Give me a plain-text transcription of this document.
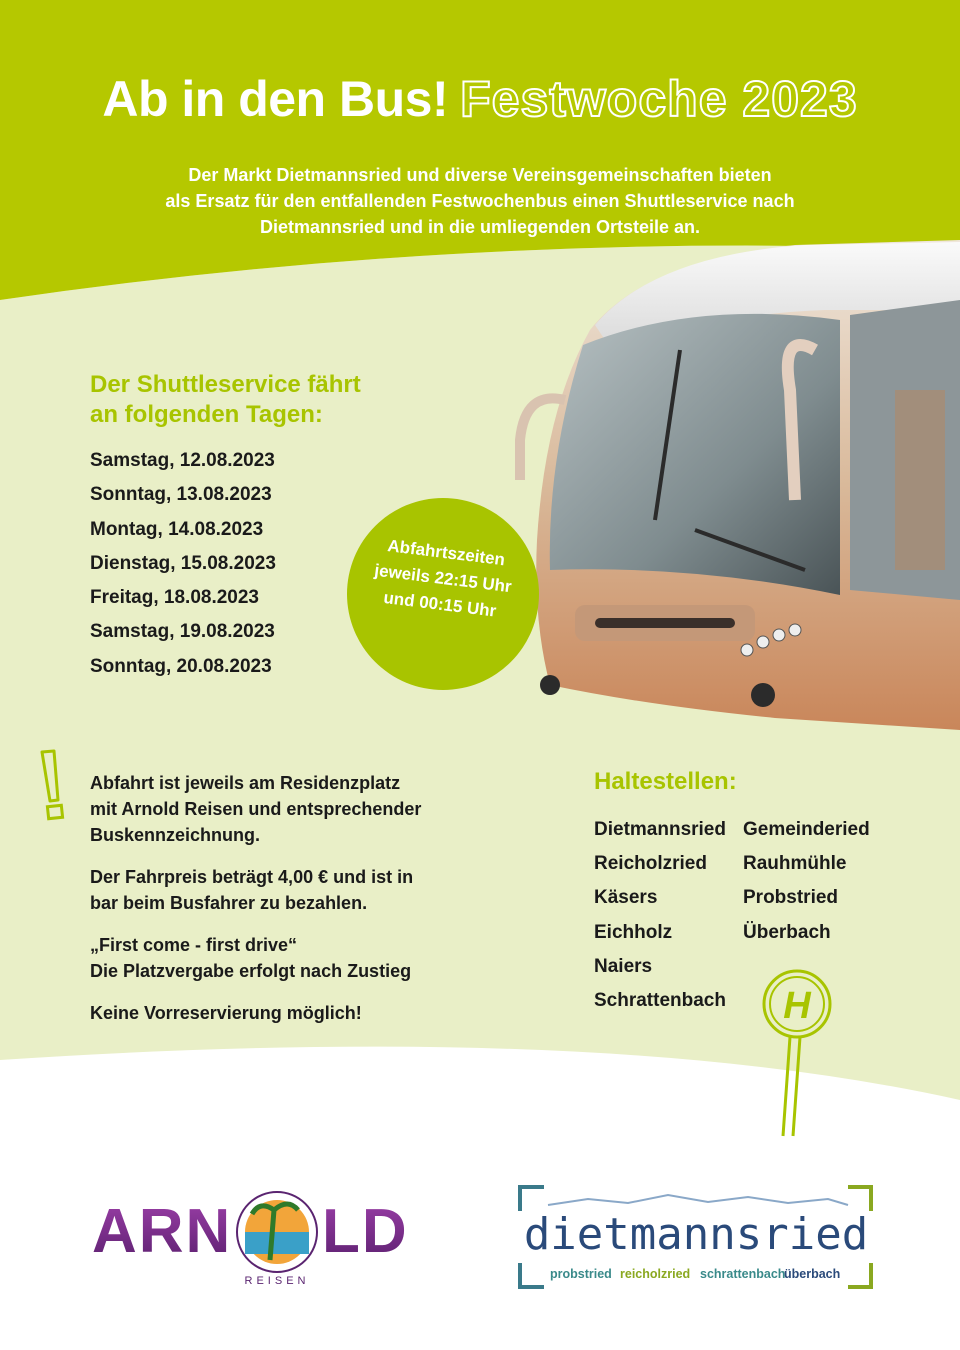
Ab in den Bus! Festwoche 2023
Der Markt Dietmannsried und diverse Vereinsgemeinschaften bieten
als Ersatz für den entfallenden Festwochenbus einen Shuttleservice nach
Dietmannsried und in die umliegenden Ortsteile an.
Der Shuttleservice fährt
an folgenden Tagen:
Samstag, 12.08.2023
Sonntag, 13.08.2023
Montag, 14.08.2023
Dienstag, 15.08.2023
Freitag, 18.08.2023
Samstag, 19.08.2023
Sonntag, 20.08.2023
Abfahrtszeiten
jeweils 22:15 Uhr
und 00:15 Uhr
Abfahrt ist jeweils am Residenzplatz
mit Arnold Reisen und entsprechender
Buskennzeichnung.
Der Fahrpreis beträgt 4,00 € und ist in
bar beim Busfahrer zu bezahlen.
„First come - first drive“
Die Platzvergabe erfolgt nach Zustieg
Keine Vorreservierung möglich!
Haltestellen:
Dietmannsried
Reicholzried
Käsers
Eichholz
Naiers
Schrattenbach
Gemeinderied
Rauhmühle
Probstried
Überbach
H
ARN LD
REISEN
dietmannsried
probstried reicholzried schrattenbach
überbach
